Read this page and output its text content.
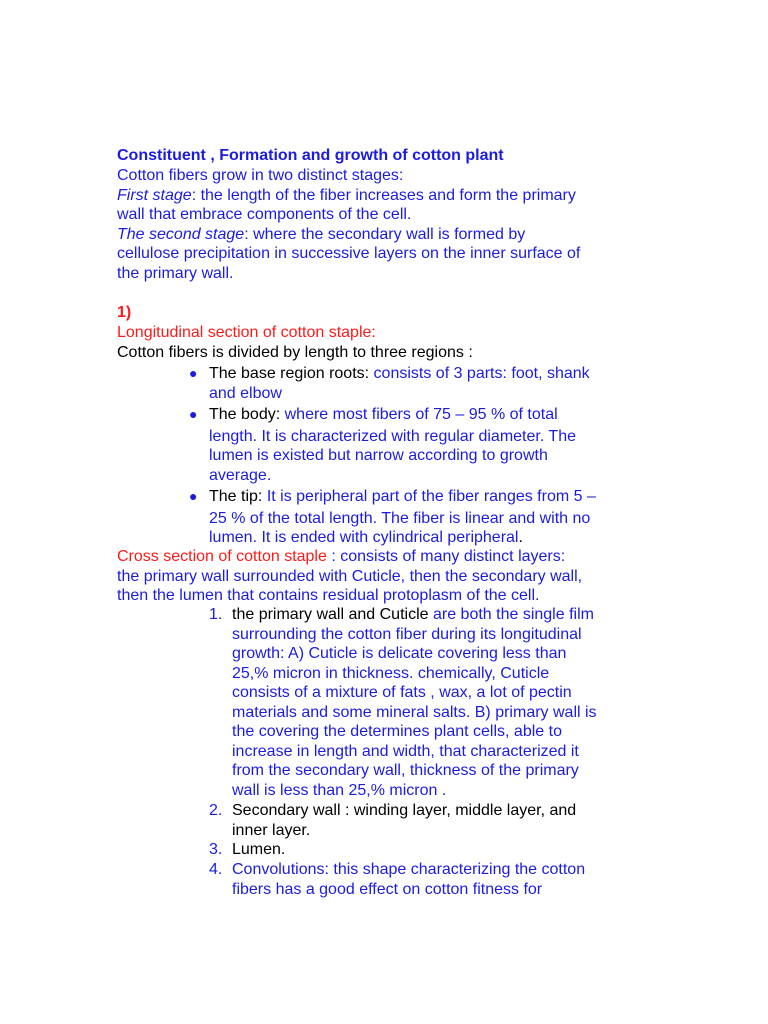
Constituent , Formation and growth of cotton plant
Cotton fibers grow in two distinct stages:
First stage: the length of the fiber increases and form the primary
wall that embrace components of the cell.
The second stage: where the secondary wall is formed by
cellulose precipitation in successive layers on the inner surface of
the primary wall.
1)
Longitudinal section of cotton staple:
Cotton fibers is divided by length to three regions :
● The base region roots: consists of 3 parts: foot, shank
and elbow
● The body: where most fibers of 75 – 95 % of total
length. It is characterized with regular diameter. The
lumen is existed but narrow according to growth
average.
● The tip: It is peripheral part of the fiber ranges from 5 –
25 % of the total length. The fiber is linear and with no
lumen. It is ended with cylindrical peripheral.
Cross section of cotton staple : consists of many distinct layers:
the primary wall surrounded with Cuticle, then the secondary wall,
then the lumen that contains residual protoplasm of the cell.
1. the primary wall and Cuticle are both the single film
surrounding the cotton fiber during its longitudinal
growth: A) Cuticle is delicate covering less than
25,% micron in thickness. chemically, Cuticle
consists of a mixture of fats , wax, a lot of pectin
materials and some mineral salts. B) primary wall is
the covering the determines plant cells, able to
increase in length and width, that characterized it
from the secondary wall, thickness of the primary
wall is less than 25,% micron .
2. Secondary wall : winding layer, middle layer, and
inner layer.
3. Lumen.
4. Convolutions: this shape characterizing the cotton
fibers has a good effect on cotton fitness for
